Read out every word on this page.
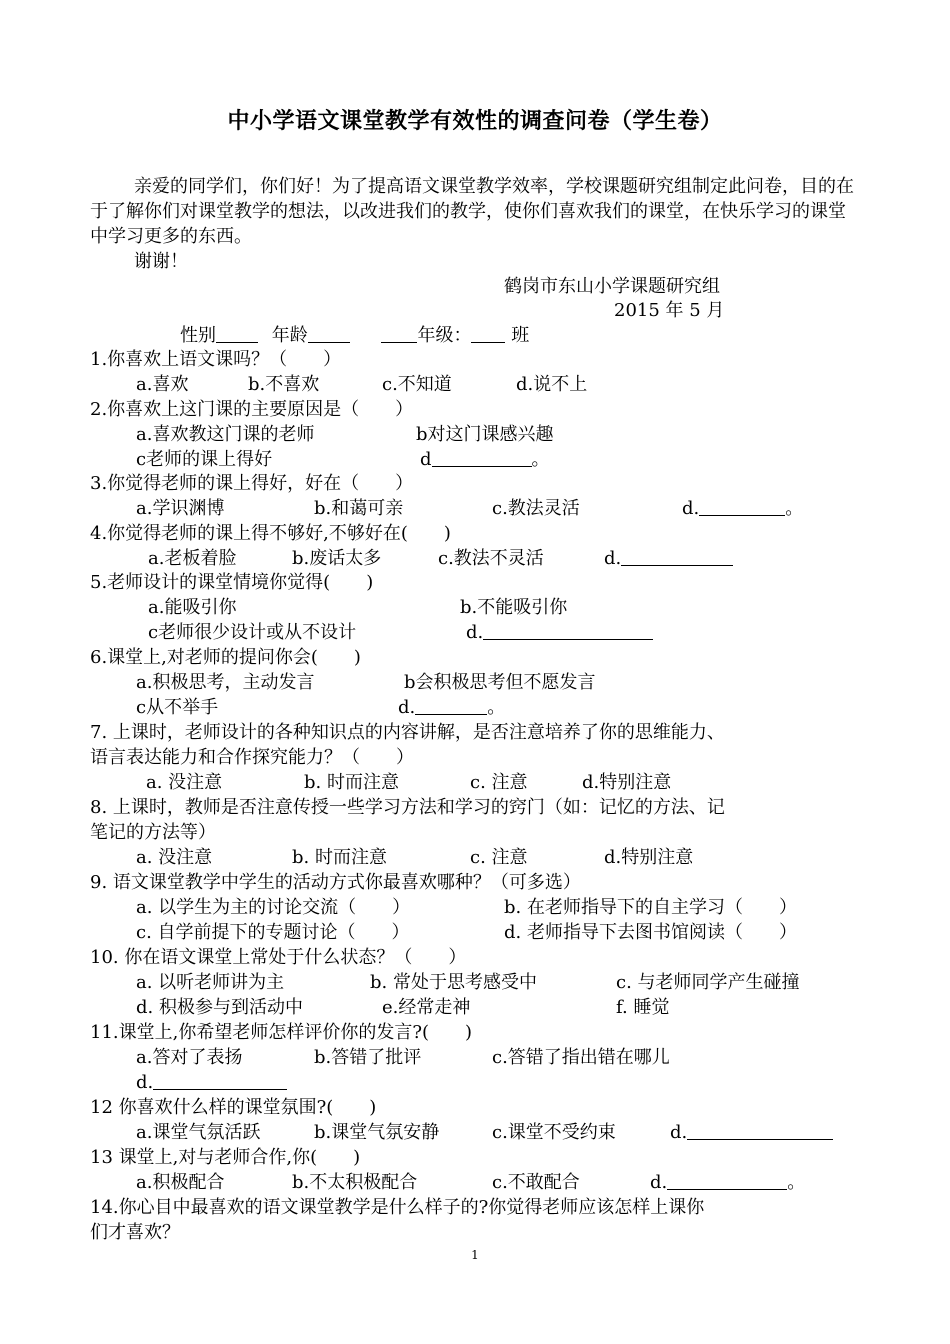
中小学语文课堂教学有效性的调查问卷（学生卷）
亲爱的同学们，你们好！为了提高语文课堂教学效率，学校课题研究组制定此问卷，目的在于了解你们对课堂教学的想法，以改进我们的教学，使你们喜欢我们的课堂，在快乐学习的课堂中学习更多的东西。
谢谢！
鹤岗市东山小学课题研究组
2015 年 5 月
性别	年龄	年级： 班
1.你喜欢上语文课吗？（　　）
a.喜欢	b.不喜欢	c.不知道	d.说不上
2.你喜欢上这门课的主要原因是（　　）
a.喜欢教这门课的老师	b对这门课感兴趣
c老师的课上得好	d	。
3.你觉得老师的课上得好，好在（　　）
a.学识渊博	b.和蔼可亲	c.教法灵活	d.	。
4.你觉得老师的课上得不够好,不够好在(　　)
a.老板着脸	b.废话太多	c.教法不灵活	d.
5.老师设计的课堂情境你觉得(　　)
a.能吸引你	b.不能吸引你
c老师很少设计或从不设计	d.
6.课堂上,对老师的提问你会(　　)
a.积极思考，主动发言	b会积极思考但不愿发言
c从不举手	d.	。
7. 上课时，老师设计的各种知识点的内容讲解，是否注意培养了你的思维能力、
语言表达能力和合作探究能力？（　　）
a. 没注意	b. 时而注意	c. 注意	d.特别注意
8. 上课时，教师是否注意传授一些学习方法和学习的窍门（如：记忆的方法、记
笔记的方法等）
a. 没注意	b. 时而注意	c. 注意	d.特别注意
9. 语文课堂教学中学生的活动方式你最喜欢哪种？（可多选）
a. 以学生为主的讨论交流（　　）	b. 在老师指导下的自主学习（　　）
c. 自学前提下的专题讨论（　　）	d. 老师指导下去图书馆阅读（　　）
10. 你在语文课堂上常处于什么状态？（　　）
a. 以听老师讲为主	b. 常处于思考感受中	c. 与老师同学产生碰撞
d. 积极参与到活动中	e.经常走神	f. 睡觉
11.课堂上,你希望老师怎样评价你的发言?(　　)
a.答对了表扬	b.答错了批评	c.答错了指出错在哪儿
d.
12 你喜欢什么样的课堂氛围?(　　)
a.课堂气氛活跃	b.课堂气氛安静	c.课堂不受约束	d.
13 课堂上,对与老师合作,你(　　)
a.积极配合	b.不太积极配合	c.不敢配合	d.	。
14.你心目中最喜欢的语文课堂教学是什么样子的?你觉得老师应该怎样上课你
们才喜欢？
1
